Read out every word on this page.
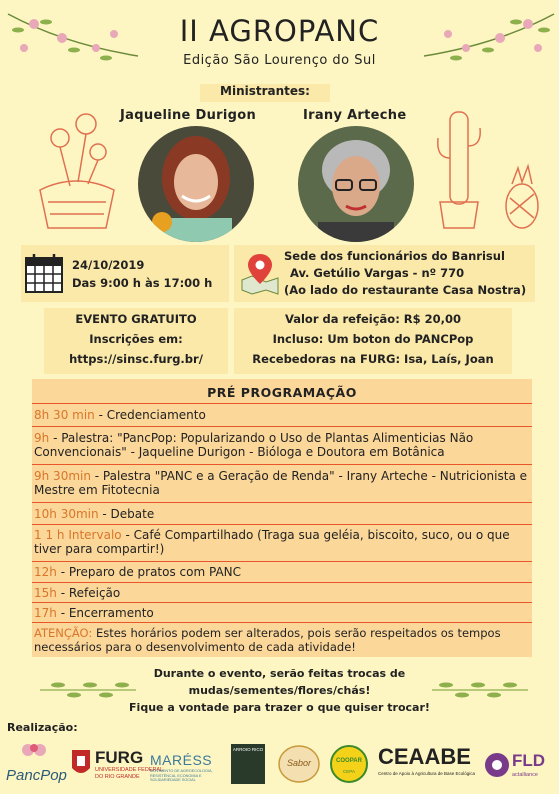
II AGROPANC
Edição São Lourenço do Sul
Ministrantes:
Jaqueline Durigon	Irany Arteche
24/10/2019
Das 9:00 h às 17:00 h
Sede dos funcionários do Banrisul
Av. Getúlio Vargas - nº 770
(Ao lado do restaurante Casa Nostra)
EVENTO GRATUITO
Inscrições em:
https://sinsc.furg.br/
Valor da refeição: R$ 20,00
Incluso: Um boton do PANCPop
Recebedoras na FURG: Isa, Laís, Joan
PRÉ PROGRAMAÇÃO
8h 30 min - Credenciamento
9h - Palestra: "PancPop: Popularizando o Uso de Plantas Alimenticias Não Convencionais" - Jaqueline Durigon - Bióloga e Doutora em Botânica
9h 30min - Palestra "PANC e a Geração de Renda" - Irany Arteche - Nutricionista e Mestre em Fitotecnia
10h 30min - Debate
1 1 h Intervalo - Café Compartilhado (Traga sua geléia, biscoito, suco, ou o que tiver para compartir!)
12h - Preparo de pratos com PANC
15h - Refeição
17h - Encerramento
ATENÇÃO: Estes horários podem ser alterados, pois serão respeitados os tempos necessários para o desenvolvimento de cada atividade!
Durante o evento, serão feitas trocas de
mudas/sementes/flores/chás!
Fique a vontade para trazer o que quiser trocar!
Realização:
PancPop
FURG
UNIVERSIDADE FEDERAL
DO RIO GRANDE
MARÉSS
MOVIMENTO DE AGROECOLOGIA, RESISTÊNCIA, ECONOMIA E SOLIDARIEDADE SOCIAL
ARROIO RICO
Sabor	COOPAR
CEPA
CEAABE
Centro de Apoio à Agricultura de Base Ecológica
FLD
actalliance
